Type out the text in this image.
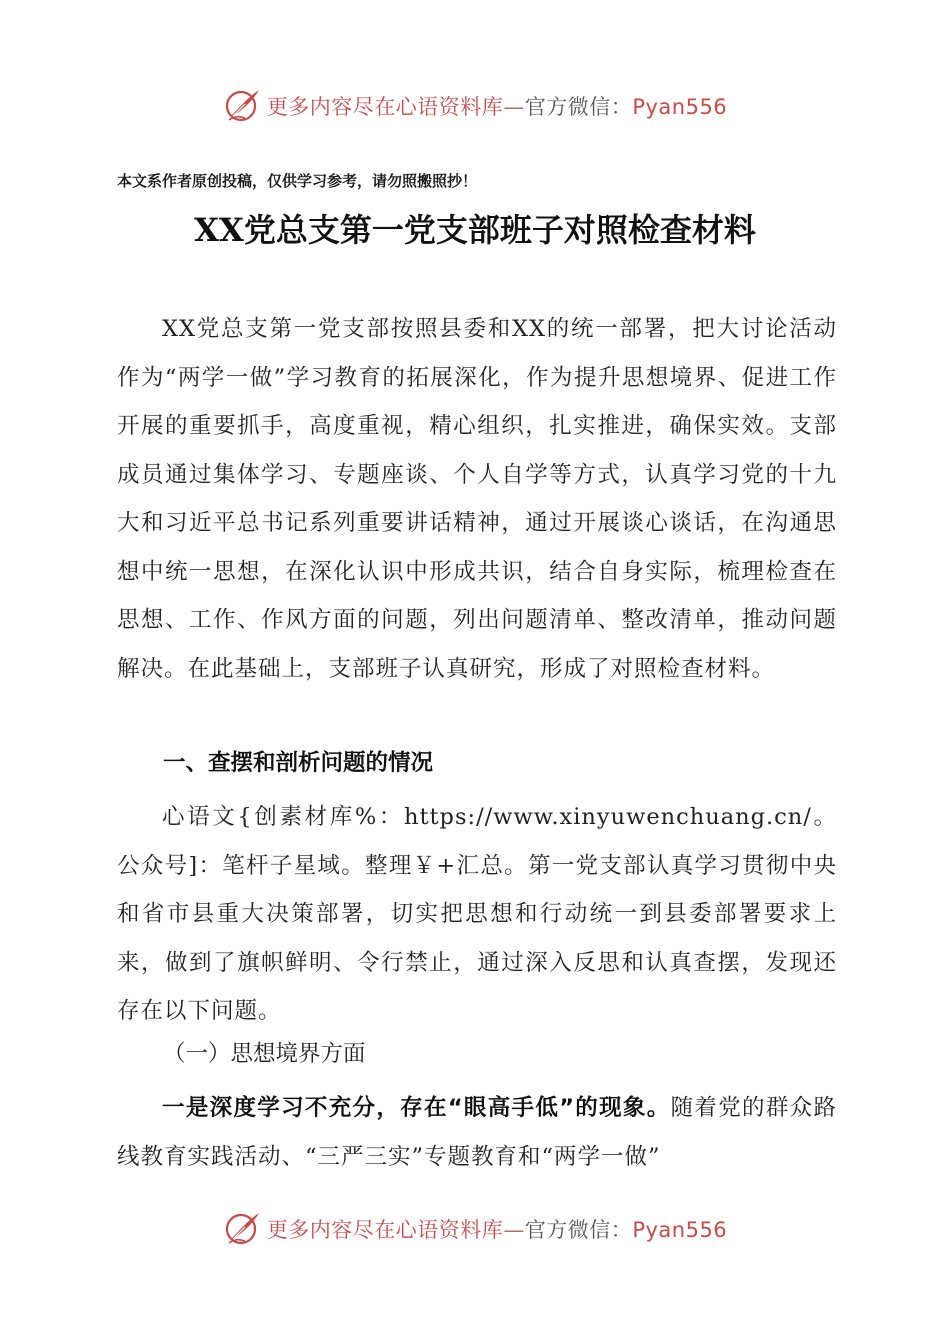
更多内容尽在心语资料库—官方微信：Pyan556
本文系作者原创投稿，仅供学习参考，请勿照搬照抄！
XX党总支第一党支部班子对照检查材料

XX党总支第一党支部按照县委和XX的统一部署，把大讨论活动作为“两学一做”学习教育的拓展深化，作为提升思想境界、促进工作开展的重要抓手，高度重视，精心组织，扎实推进，确保实效。支部成员通过集体学习、专题座谈、个人自学等方式，认真学习党的十九大和习近平总书记系列重要讲话精神，通过开展谈心谈话，在沟通思想中统一思想，在深化认识中形成共识，结合自身实际，梳理检查在思想、工作、作风方面的问题，列出问题清单、整改清单，推动问题解决。在此基础上，支部班子认真研究，形成了对照检查材料。

一、查摆和剖析问题的情况

心语文{创素材库%：https://www.xinyuwenchuang.cn/。公众号]：笔杆子星域。整理￥+汇总。第一党支部认真学习贯彻中央和省市县重大决策部署，切实把思想和行动统一到县委部署要求上来，做到了旗帜鲜明、令行禁止，通过深入反思和认真查摆，发现还存在以下问题。

（一）思想境界方面

一是深度学习不充分，存在“眼高手低”的现象。随着党的群众路线教育实践活动、“三严三实”专题教育和“两学一做”

更多内容尽在心语资料库—官方微信：Pyan556
